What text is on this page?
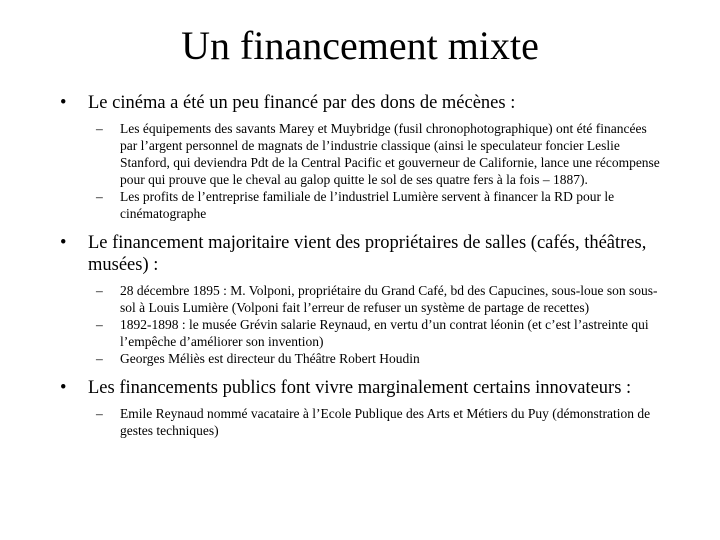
Un financement mixte
• Le cinéma a été un peu financé par des dons de mécènes :
– Les équipements des savants Marey et Muybridge (fusil chronophotographique) ont été financées par l’argent personnel de magnats de l’industrie classique (ainsi le speculateur foncier Leslie Stanford, qui deviendra Pdt de la Central Pacific et gouverneur de Californie, lance une récompense pour qui prouve que le cheval au galop quitte le sol de ses quatre fers à la fois – 1887).
– Les profits de l’entreprise familiale de l’industriel Lumière servent à financer la RD pour le cinématographe
• Le financement majoritaire vient des propriétaires de salles (cafés, théâtres, musées) :
– 28 décembre 1895 : M. Volponi, propriétaire du Grand Café, bd des Capucines, sous-loue son sous-sol à Louis Lumière (Volponi fait l’erreur de refuser un système de partage de recettes)
– 1892-1898 : le musée Grévin salarie Reynaud, en vertu d’un contrat léonin (et c’est l’astreinte qui l’empêche d’améliorer son invention)
– Georges Méliès est directeur du Théâtre Robert Houdin
• Les financements publics font vivre marginalement certains innovateurs :
– Emile Reynaud nommé vacataire à l’Ecole Publique des Arts et Métiers du Puy (démonstration de gestes techniques)
